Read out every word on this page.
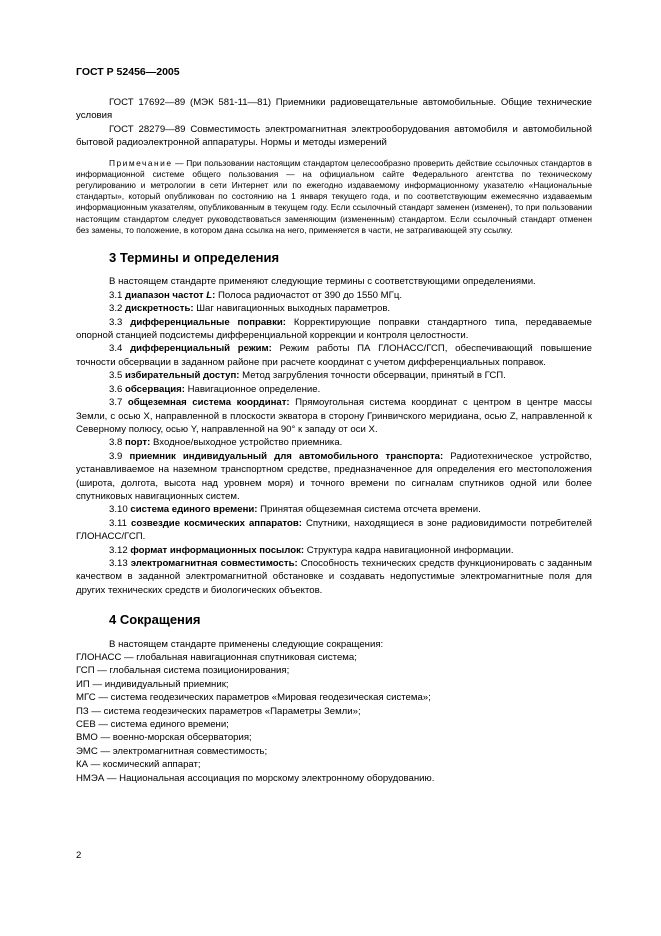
ГОСТ Р 52456—2005

ГОСТ 17692—89 (МЭК 581-11—81) Приемники радиовещательные автомобильные. Общие технические условия

ГОСТ 28279—89 Совместимость электромагнитная электрооборудования автомобиля и автомобильной бытовой радиоэлектронной аппаратуры. Нормы и методы измерений

Примечание — При пользовании настоящим стандартом целесообразно проверить действие ссылочных стандартов в информационной системе общего пользования — на официальном сайте Федерального агентства по техническому регулированию и метрологии в сети Интернет или по ежегодно издаваемому информационному указателю «Национальные стандарты», который опубликован по состоянию на 1 января текущего года, и по соответствующим ежемесячно издаваемым информационным указателям, опубликованным в текущем году. Если ссылочный стандарт заменен (изменен), то при пользовании настоящим стандартом следует руководствоваться заменяющим (измененным) стандартом. Если ссылочный стандарт отменен без замены, то положение, в котором дана ссылка на него, применяется в части, не затрагивающей эту ссылку.

3 Термины и определения

В настоящем стандарте применяют следующие термины с соответствующими определениями.

3.1 диапазон частот L: Полоса радиочастот от 390 до 1550 МГц.

3.2 дискретность: Шаг навигационных выходных параметров.

3.3 дифференциальные поправки: Корректирующие поправки стандартного типа, передаваемые опорной станцией подсистемы дифференциальной коррекции и контроля целостности.

3.4 дифференциальный режим: Режим работы ПА ГЛОНАСС/ГСП, обеспечивающий повышение точности обсервации в заданном районе при расчете координат с учетом дифференциальных поправок.

3.5 избирательный доступ: Метод загрубления точности обсервации, принятый в ГСП.

3.6 обсервация: Навигационное определение.

3.7 общеземная система координат: Прямоугольная система координат с центром в центре массы Земли, с осью X, направленной в плоскости экватора в сторону Гринвичского меридиана, осью Z, направленной к Северному полюсу, осью Y, направленной на 90° к западу от оси X.

3.8 порт: Входное/выходное устройство приемника.

3.9 приемник индивидуальный для автомобильного транспорта: Радиотехническое устройство, устанавливаемое на наземном транспортном средстве, предназначенное для определения его местоположения (широта, долгота, высота над уровнем моря) и точного времени по сигналам спутников одной или более спутниковых навигационных систем.

3.10 система единого времени: Принятая общеземная система отсчета времени.

3.11 созвездие космических аппаратов: Спутники, находящиеся в зоне радиовидимости потребителей ГЛОНАСС/ГСП.

3.12 формат информационных посылок: Структура кадра навигационной информации.

3.13 электромагнитная совместимость: Способность технических средств функционировать с заданным качеством в заданной электромагнитной обстановке и создавать недопустимые электромагнитные поля для других технических средств и биологических объектов.

4 Сокращения

В настоящем стандарте применены следующие сокращения:

ГЛОНАСС — глобальная навигационная спутниковая система;

ГСП — глобальная система позиционирования;

ИП — индивидуальный приемник;

МГС — система геодезических параметров «Мировая геодезическая система»;

ПЗ — система геодезических параметров «Параметры Земли»;

СЕВ — система единого времени;

ВМО — военно-морская обсерватория;

ЭМС — электромагнитная совместимость;

КА — космический аппарат;

НМЭА — Национальная ассоциация по морскому электронному оборудованию.

2
